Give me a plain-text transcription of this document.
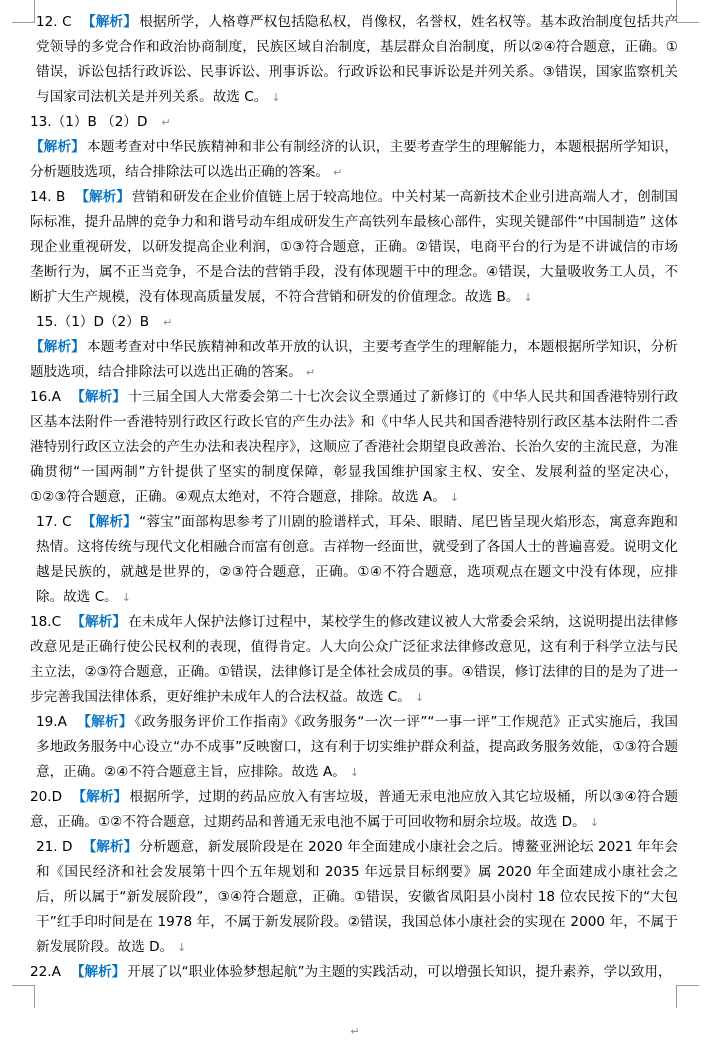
12. C 【解析】 根据所学，人格尊严权包括隐私权，肖像权，名誉权，姓名权等。基本政治制度包括共产党领导的多党合作和政治协商制度，民族区域自治制度，基层群众自治制度，所以②④符合题意，正确。①错误，诉讼包括行政诉讼、民事诉讼、刑事诉讼。行政诉讼和民事诉讼是并列关系。③错误，国家监察机关与国家司法机关是并列关系。故选 C。 ↓

13.（1）B （2）D ↵

【解析】 本题考查对中华民族精神和非公有制经济的认识，主要考查学生的理解能力，本题根据所学知识，分析题肢选项，结合排除法可以选出正确的答案。 ↵

14. B 【解析】 营销和研发在企业价值链上居于较高地位。中关村某一高新技术企业引进高端人才，创制国际标准，提升品牌的竞争力和和谐号动车组成研发生产高铁列车最核心部件，实现关键部件“中国制造” 这体现企业重视研发，以研发提高企业利润，①③符合题意，正确。②错误，电商平台的行为是不讲诚信的市场垄断行为，属不正当竞争，不是合法的营销手段，没有体现题干中的理念。④错误，大量吸收务工人员，不断扩大生产规模，没有体现高质量发展，不符合营销和研发的价值理念。故选 B。 ↓

15.（1）D（2）B ↵

【解析】 本题考查对中华民族精神和改革开放的认识，主要考查学生的理解能力，本题根据所学知识，分析题肢选项，结合排除法可以选出正确的答案。 ↵

16.A 【解析】 十三届全国人大常委会第二十七次会议全票通过了新修订的《中华人民共和国香港特别行政区基本法附件一香港特别行政区行政长官的产生办法》和《中华人民共和国香港特别行政区基本法附件二香港特别行政区立法会的产生办法和表决程序》，这顺应了香港社会期望良政善治、长治久安的主流民意，为准确贯彻“一国两制”方针提供了坚实的制度保障，彰显我国维护国家主权、安全、发展利益的坚定决心，①②③符合题意，正确。④观点太绝对，不符合题意，排除。故选 A。 ↓

17. C 【解析】 “蓉宝”面部构思参考了川剧的脸谱样式，耳朵、眼睛、尾巴皆呈现火焰形态，寓意奔跑和热情。这将传统与现代文化相融合而富有创意。吉祥物一经面世，就受到了各国人士的普遍喜爱。说明文化越是民族的，就越是世界的，②③符合题意，正确。①④不符合题意，选项观点在题文中没有体现，应排除。故选 C。 ↓

18.C 【解析】 在未成年人保护法修订过程中，某校学生的修改建议被人大常委会采纳，这说明提出法律修改意见是正确行使公民权利的表现，值得肯定。人大向公众广泛征求法律修改意见，这有利于科学立法与民主立法，②③符合题意，正确。①错误，法律修订是全体社会成员的事。④错误，修订法律的目的是为了进一步完善我国法律体系，更好维护未成年人的合法权益。故选 C。 ↓

19.A 【解析】 《政务服务评价工作指南》《政务服务“一次一评”“一事一评”工作规范》正式实施后，我国多地政务服务中心设立“办不成事”反映窗口，这有利于切实维护群众利益，提高政务服务效能，①③符合题意，正确。②④不符合题意主旨，应排除。故选 A。 ↓

20.D 【解析】 根据所学，过期的药品应放入有害垃圾，普通无汞电池应放入其它垃圾桶，所以③④符合题意，正确。①②不符合题意，过期药品和普通无汞电池不属于可回收物和厨余垃圾。故选 D。 ↓

21. D 【解析】 分析题意，新发展阶段是在 2020 年全面建成小康社会之后。博鳌亚洲论坛 2021 年年会和《国民经济和社会发展第十四个五年规划和 2035 年远景目标纲要》属 2020 年全面建成小康社会之后，所以属于“新发展阶段”，③④符合题意，正确。①错误，安徽省凤阳县小岗村 18 位农民按下的“大包干”红手印时间是在 1978 年，不属于新发展阶段。②错误，我国总体小康社会的实现在 2000 年，不属于新发展阶段。故选 D。 ↓

22.A 【解析】 开展了以“职业体验梦想起航”为主题的实践活动，可以增强长知识，提升素养，学以致用，

↵
